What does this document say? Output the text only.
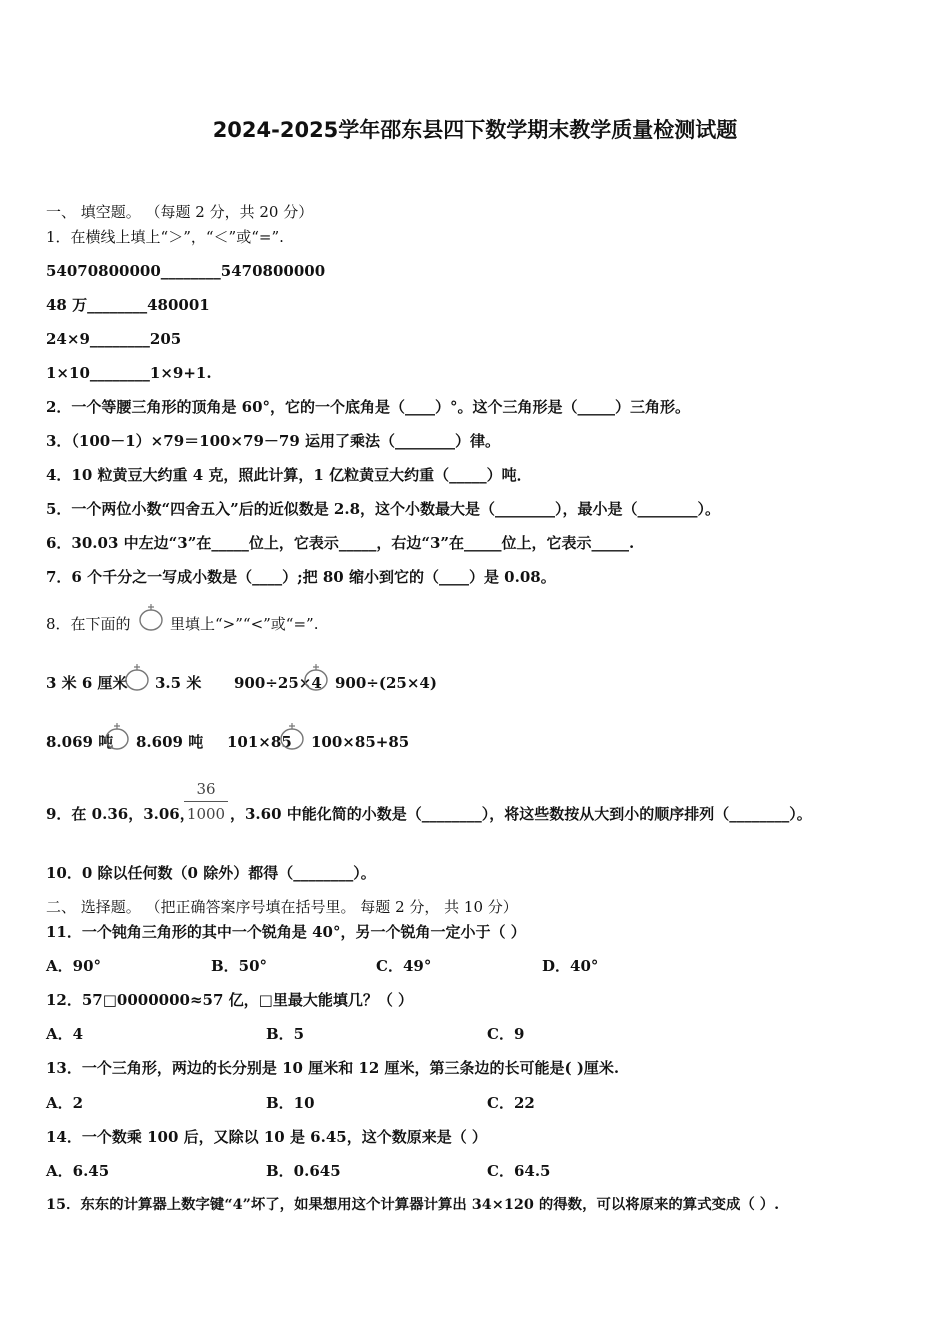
2024-2025学年邵东县四下数学期末教学质量检测试题
一、 填空题。 （每题 2 分，共 20 分）
1．在横线上填上“＞”，“＜”或“=”.
54070800000________5470800000
48 万________480001
24×9________205
1×10________1×9+1.
2．一个等腰三角形的顶角是 60°，它的一个底角是（____）°。这个三角形是（_____）三角形。
3．（100－1）×79＝100×79－79 运用了乘法（________）律。
4．10 粒黄豆大约重 4 克，照此计算，1 亿粒黄豆大约重（_____）吨．
5．一个两位小数“四舍五入”后的近似数是 2.8，这个小数最大是（________），最小是（________）。
6．30.03 中左边“3”在_____位上，它表示_____，右边“3”在_____位上，它表示_____.
7．6 个千分之一写成小数是（____）;把 80 缩小到它的（____）是 0.08。
8．在下面的	里填上“>”“<”或“=”.
3 米 6 厘米 3.5 米 900÷25×4 900÷(25×4)
8.069 吨 8.609 吨 101×85 100×85+85
9．在 0.36，3.06，
36
1000 ，3.60 中能化简的小数是（________），将这些数按从大到小的顺序排列（________）。
10．0 除以任何数（0 除外）都得（________）。
二、 选择题。 （把正确答案序号填在括号里。 每题 2 分， 共 10 分）
11．一个钝角三角形的其中一个锐角是 40°，另一个锐角一定小于（ ）
A．90°	B．50°	C．49°	D．40°
12．57□0000000≈57 亿，□里最大能填几？（ ）
A．4	B．5	C．9
13．一个三角形，两边的长分别是 10 厘米和 12 厘米，第三条边的长可能是( )厘米.
A．2	B．10	C．22
14．一个数乘 100 后，又除以 10 是 6.45，这个数原来是（ ）
A．6.45	B．0.645	C．64.5
15．东东的计算器上数字键“4”坏了，如果想用这个计算器计算出 34×120 的得数，可以将原来的算式变成（ ）.
